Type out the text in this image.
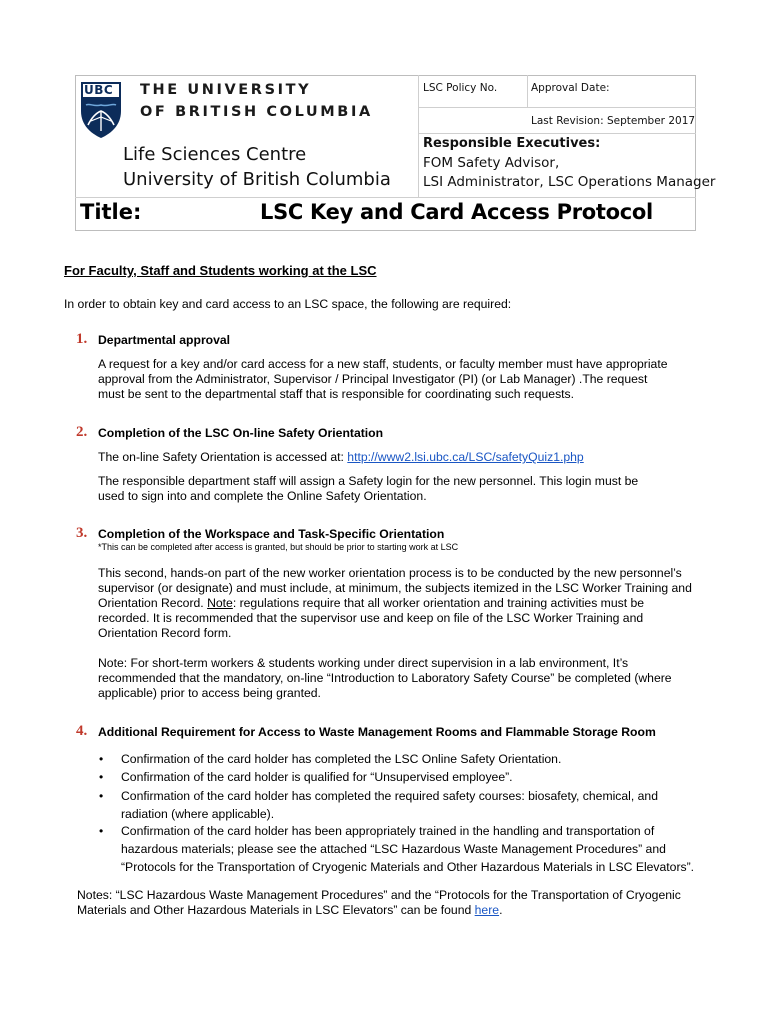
UBC THE UNIVERSITY
OF BRITISH COLUMBIA
Life Sciences Centre
University of British Columbia
LSC Policy No.	Approval Date:
Last Revision: September 2017
Responsible Executives:
FOM Safety Advisor,
LSI Administrator, LSC Operations Manager
Title:	LSC Key and Card Access Protocol
For Faculty, Staff and Students working at the LSC
In order to obtain key and card access to an LSC space, the following are required:
1. Departmental approval
A request for a key and/or card access for a new staff, students, or faculty member must have appropriate
approval from the Administrator, Supervisor / Principal Investigator (PI) (or Lab Manager) .The request
must be sent to the departmental staff that is responsible for coordinating such requests.
2. Completion of the LSC On-line Safety Orientation
The on-line Safety Orientation is accessed at: http://www2.lsi.ubc.ca/LSC/safetyQuiz1.php
The responsible department staff will assign a Safety login for the new personnel. This login must be
used to sign into and complete the Online Safety Orientation.
3. Completion of the Workspace and Task-Specific Orientation
*This can be completed after access is granted, but should be prior to starting work at LSC
This second, hands-on part of the new worker orientation process is to be conducted by the new personnel’s
supervisor (or designate) and must include, at minimum, the subjects itemized in the LSC Worker Training and
Orientation Record. Note: regulations require that all worker orientation and training activities must be
recorded. It is recommended that the supervisor use and keep on file of the LSC Worker Training and
Orientation Record form.
Note: For short-term workers & students working under direct supervision in a lab environment, It’s
recommended that the mandatory, on-line “Introduction to Laboratory Safety Course” be completed (where
applicable) prior to access being granted.
4. Additional Requirement for Access to Waste Management Rooms and Flammable Storage Room
• Confirmation of the card holder has completed the LSC Online Safety Orientation.
• Confirmation of the card holder is qualified for “Unsupervised employee”.
• Confirmation of the card holder has completed the required safety courses: biosafety, chemical, and
radiation (where applicable).
• Confirmation of the card holder has been appropriately trained in the handling and transportation of
hazardous materials; please see the attached “LSC Hazardous Waste Management Procedures” and
“Protocols for the Transportation of Cryogenic Materials and Other Hazardous Materials in LSC Elevators”.
Notes: “LSC Hazardous Waste Management Procedures” and the “Protocols for the Transportation of Cryogenic
Materials and Other Hazardous Materials in LSC Elevators” can be found here.
